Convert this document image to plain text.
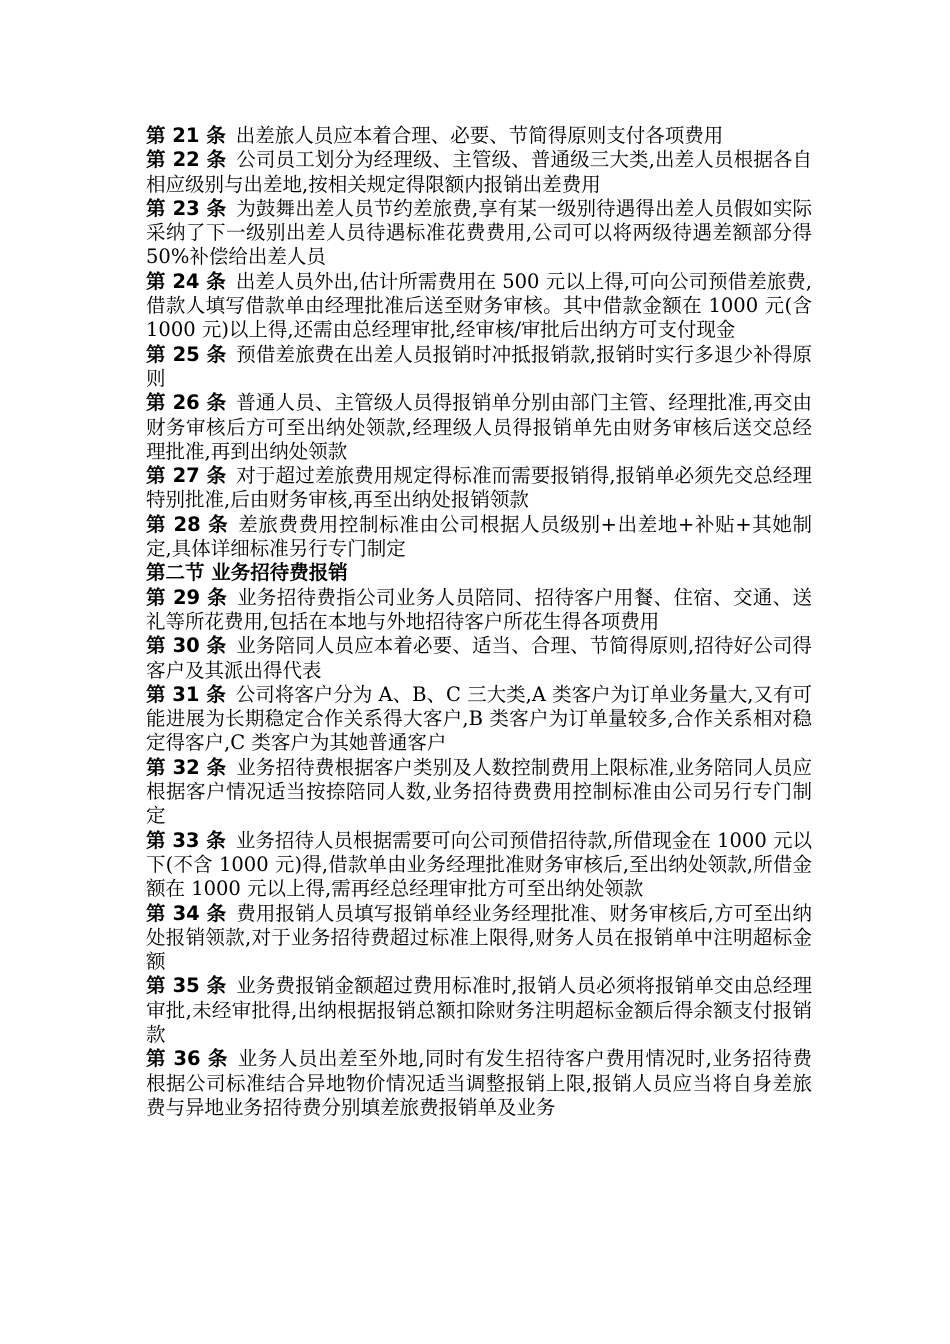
第 21 条 出差旅人员应本着合理、必要、节简得原则支付各项费用

第 22 条 公司员工划分为经理级、主管级、普通级三大类,出差人员根据各自相应级别与出差地,按相关规定得限额内报销出差费用

第 23 条 为鼓舞出差人员节约差旅费,享有某一级别待遇得出差人员假如实际采纳了下一级别出差人员待遇标准花费费用,公司可以将两级待遇差额部分得 50%补偿给出差人员

第 24 条 出差人员外出,估计所需费用在 500 元以上得,可向公司预借差旅费,借款人填写借款单由经理批准后送至财务审核。其中借款金额在 1000 元(含 1000 元)以上得,还需由总经理审批,经审核/审批后出纳方可支付现金

第 25 条 预借差旅费在出差人员报销时冲抵报销款,报销时实行多退少补得原则

第 26 条 普通人员、主管级人员得报销单分别由部门主管、经理批准,再交由财务审核后方可至出纳处领款,经理级人员得报销单先由财务审核后送交总经理批准,再到出纳处领款

第 27 条 对于超过差旅费用规定得标准而需要报销得,报销单必须先交总经理特别批准,后由财务审核,再至出纳处报销领款

第 28 条 差旅费费用控制标准由公司根据人员级别+出差地+补贴+其她制定,具体详细标准另行专门制定

第二节 业务招待费报销

第 29 条 业务招待费指公司业务人员陪同、招待客户用餐、住宿、交通、送礼等所花费用,包括在本地与外地招待客户所花生得各项费用

第 30 条 业务陪同人员应本着必要、适当、合理、节简得原则,招待好公司得客户及其派出得代表

第 31 条 公司将客户分为 A、B、C 三大类,A 类客户为订单业务量大,又有可能进展为长期稳定合作关系得大客户,B 类客户为订单量较多,合作关系相对稳定得客户,C 类客户为其她普通客户

第 32 条 业务招待费根据客户类别及人数控制费用上限标准,业务陪同人员应根据客户情况适当按捺陪同人数,业务招待费费用控制标准由公司另行专门制定

第 33 条 业务招待人员根据需要可向公司预借招待款,所借现金在 1000 元以下(不含 1000 元)得,借款单由业务经理批准财务审核后,至出纳处领款,所借金额在 1000 元以上得,需再经总经理审批方可至出纳处领款

第 34 条 费用报销人员填写报销单经业务经理批准、财务审核后,方可至出纳处报销领款,对于业务招待费超过标准上限得,财务人员在报销单中注明超标金额

第 35 条 业务费报销金额超过费用标准时,报销人员必须将报销单交由总经理审批,未经审批得,出纳根据报销总额扣除财务注明超标金额后得余额支付报销款

第 36 条 业务人员出差至外地,同时有发生招待客户费用情况时,业务招待费根据公司标准结合异地物价情况适当调整报销上限,报销人员应当将自身差旅费与异地业务招待费分别填差旅费报销单及业务
